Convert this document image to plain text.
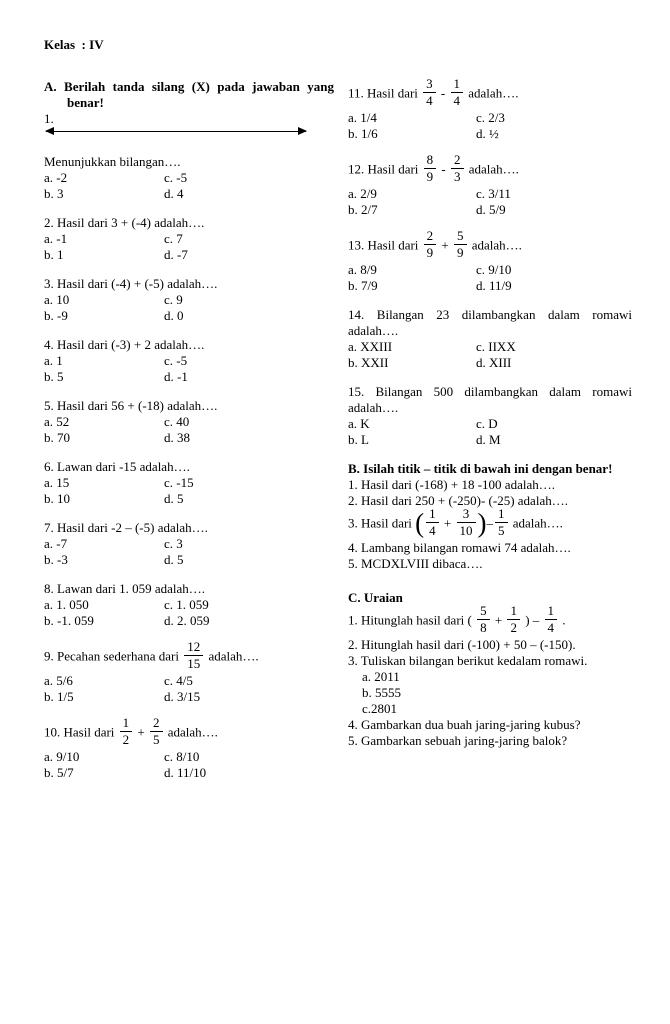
Kelas  : IV
A. Berilah tanda silang (X) pada jawaban yang
benar!
1.
Menunjukkan bilangan….
a. -2
b. 3
c. -5
d. 4
2. Hasil dari 3 + (-4) adalah….
a. -1
b. 1
c. 7
d. -7
3. Hasil dari (-4) + (-5) adalah….
a. 10
b. -9
c. 9
d. 0
4. Hasil dari (-3) + 2 adalah….
a. 1
b. 5
c. -5
d. -1
5. Hasil dari 56 + (-18) adalah….
a. 52
b. 70
c. 40
d. 38
6. Lawan dari -15 adalah….
a. 15
b. 10
c. -15
d. 5
7. Hasil dari -2 – (-5) adalah….
a. -7
b. -3
c. 3
d. 5
8. Lawan dari 1. 059 adalah….
a. 1. 050
b. -1. 059
c. 1. 059
d. 2. 059
9. Pecahan sederhana dari $\frac{12}{15}$ adalah….
a. 5/6
b. 1/5
c. 4/5
d. 3/15
10. Hasil dari $\frac{1}{2} + \frac{2}{5}$ adalah….
a. 9/10
b. 5/7
c. 8/10
d. 11/10
11. Hasil dari $\frac{3}{4} - \frac{1}{4}$ adalah….
a. 1/4
b. 1/6
c. 2/3
d. ½
12. Hasil dari $\frac{8}{9} - \frac{2}{3}$ adalah….
a. 2/9
b. 2/7
c. 3/11
d. 5/9
13. Hasil dari $\frac{2}{9} + \frac{5}{9}$ adalah….
a. 8/9
b. 7/9
c. 9/10
d. 11/9
14. Bilangan 23 dilambangkan dalam romawi
adalah….
a. XXIII
b. XXII
c. IIXX
d. XIII
15. Bilangan 500 dilambangkan dalam romawi
adalah….
a. K
b. L
c. D
d. M
B. Isilah titik – titik di bawah ini dengan benar!
1. Hasil dari (-168) + 18 -100 adalah….
2. Hasil dari 250 + (-250)- (-25) adalah….
3. Hasil dari ( $\frac{1}{4} + \frac{3}{10}$ )– $\frac{1}{5}$ adalah….
4. Lambang bilangan romawi 74 adalah….
5. MCDXLVIII dibaca….
C. Uraian
1. Hitunglah hasil dari ( $\frac{5}{8} + \frac{1}{2}$ ) – $\frac{1}{4}$ .
2. Hitunglah hasil dari (-100) + 50 – (-150).
3. Tuliskan bilangan berikut kedalam romawi.
a. 2011
b. 5555
c.2801
4. Gambarkan dua buah jaring-jaring kubus?
5. Gambarkan sebuah jaring-jaring balok?
